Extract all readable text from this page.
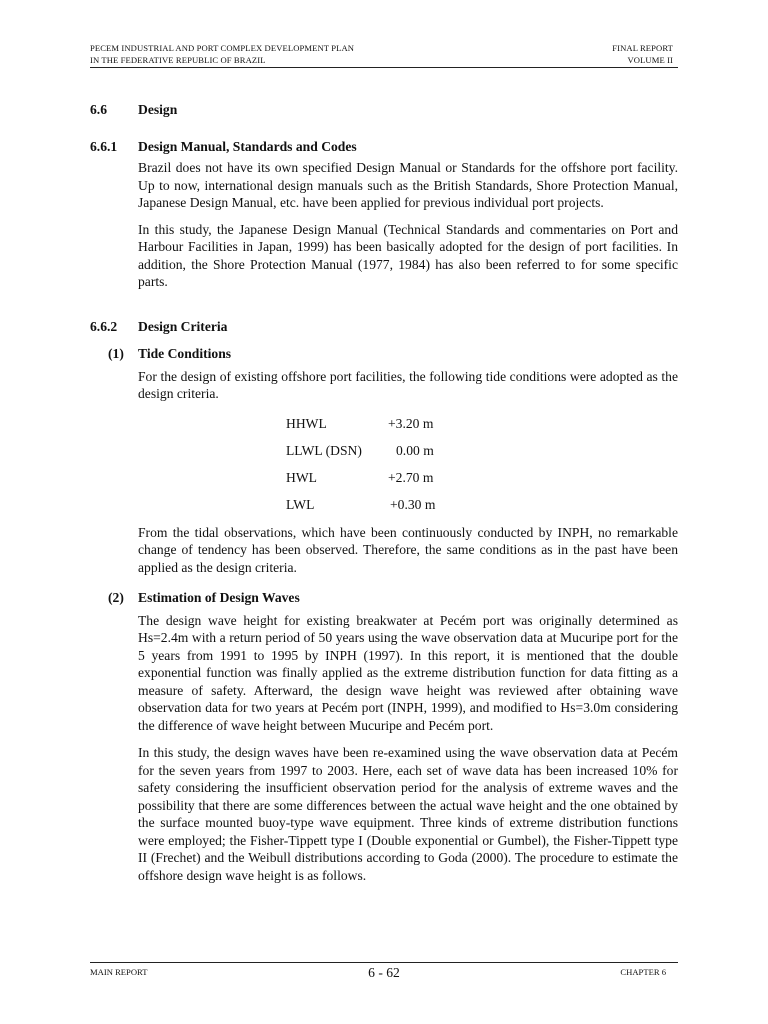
PECEM INDUSTRIAL AND PORT COMPLEX DEVELOPMENT PLAN
IN THE FEDERATIVE REPUBLIC OF BRAZIL
FINAL REPORT
VOLUME II

6.6 Design

6.6.1 Design Manual, Standards and Codes

Brazil does not have its own specified Design Manual or Standards for the offshore port facility. Up to now, international design manuals such as the British Standards, Shore Protection Manual, Japanese Design Manual, etc. have been applied for previous individual port projects.

In this study, the Japanese Design Manual (Technical Standards and commentaries on Port and Harbour Facilities in Japan, 1999) has been basically adopted for the design of port facilities. In addition, the Shore Protection Manual (1977, 1984) has also been referred to for some specific parts.

6.6.2 Design Criteria

(1) Tide Conditions

For the design of existing offshore port facilities, the following tide conditions were adopted as the design criteria.

HHWL	+3.20 m
LLWL (DSN)	0.00 m
HWL	+2.70 m
LWL	+0.30 m

From the tidal observations, which have been continuously conducted by INPH, no remarkable change of tendency has been observed. Therefore, the same conditions as in the past have been applied as the design criteria.

(2) Estimation of Design Waves

The design wave height for existing breakwater at Pecém port was originally determined as Hs=2.4m with a return period of 50 years using the wave observation data at Mucuripe port for the 5 years from 1991 to 1995 by INPH (1997). In this report, it is mentioned that the double exponential function was finally applied as the extreme distribution function for data fitting as a measure of safety. Afterward, the design wave height was reviewed after obtaining wave observation data for two years at Pecém port (INPH, 1999), and modified to Hs=3.0m considering the difference of wave height between Mucuripe and Pecém port.

In this study, the design waves have been re-examined using the wave observation data at Pecém for the seven years from 1997 to 2003. Here, each set of wave data has been increased 10% for safety considering the insufficient observation period for the analysis of extreme waves and the possibility that there are some differences between the actual wave height and the one obtained by the surface mounted buoy-type wave equipment. Three kinds of extreme distribution functions were employed; the Fisher-Tippett type I (Double exponential or Gumbel), the Fisher-Tippett type II (Frechet) and the Weibull distributions according to Goda (2000). The procedure to estimate the offshore design wave height is as follows.

MAIN REPORT	6 - 62	CHAPTER 6
